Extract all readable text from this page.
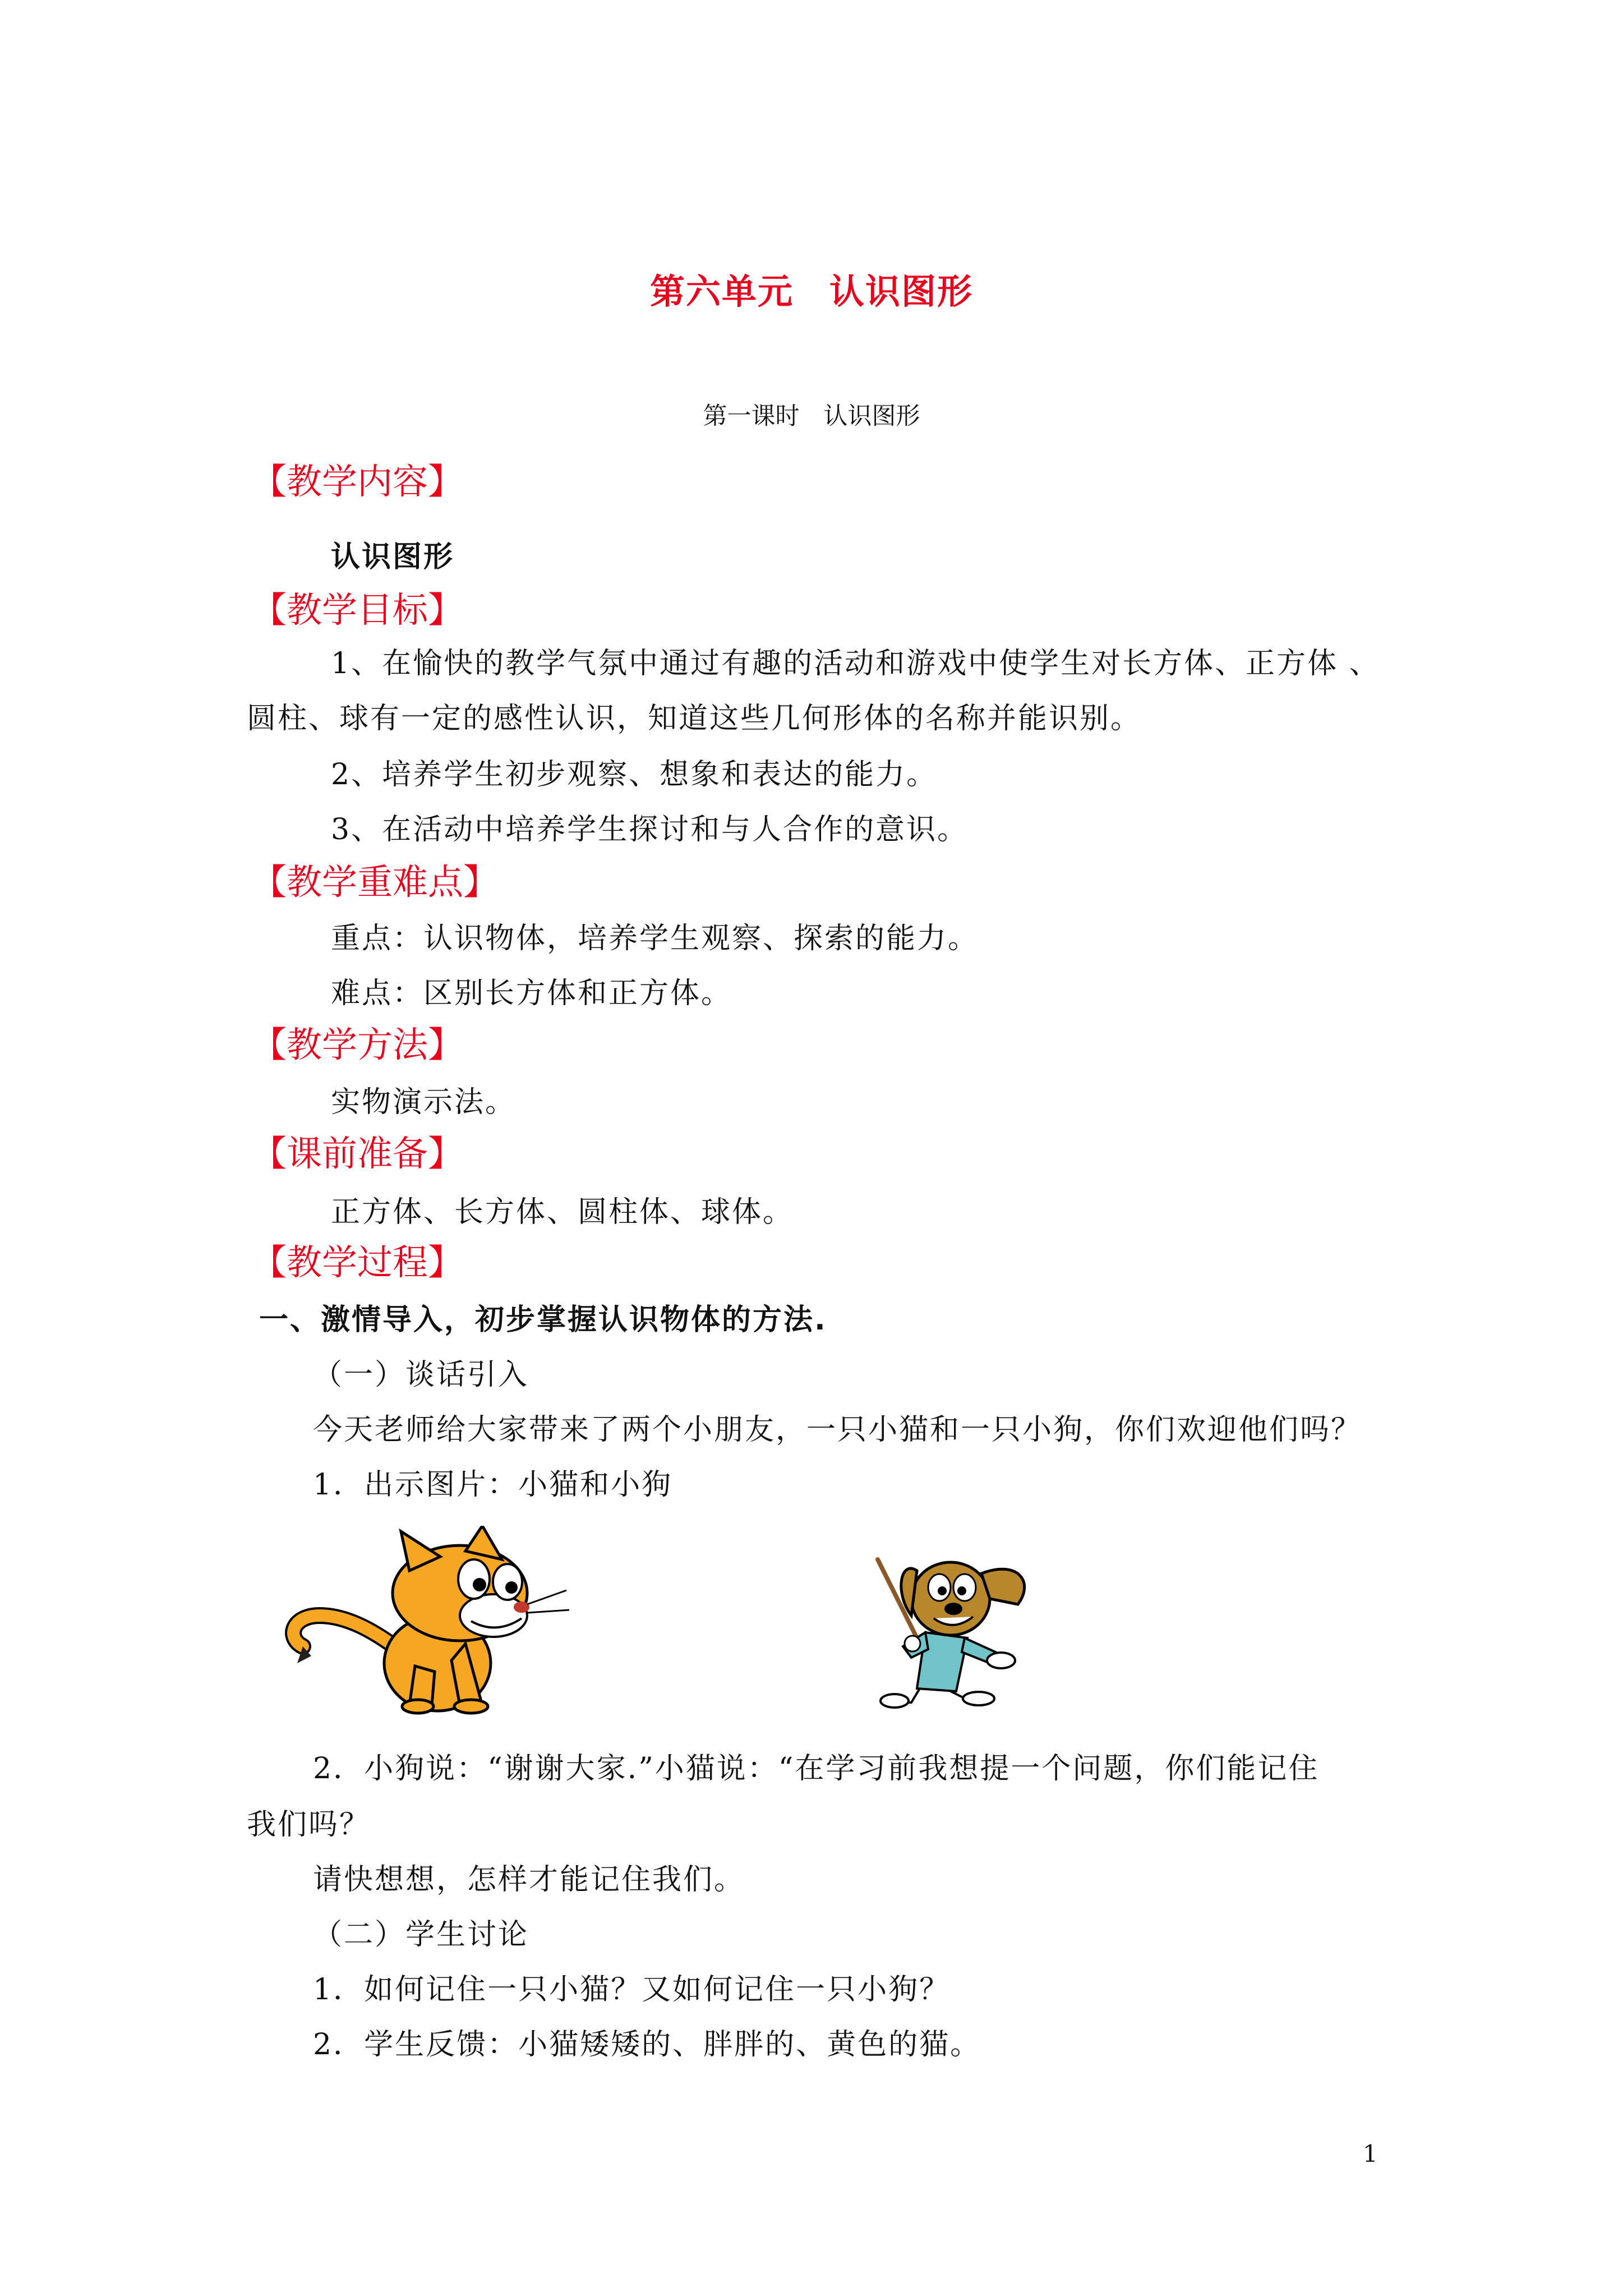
第六单元　认识图形
第一课时　认识图形
【教学内容】
认识图形
【教学目标】
1、在愉快的教学气氛中通过有趣的活动和游戏中使学生对长方体、正方体 、
圆柱、球有一定的感性认识，知道这些几何形体的名称并能识别。
2、培养学生初步观察、想象和表达的能力。
3、在活动中培养学生探讨和与人合作的意识。
【教学重难点】
重点：认识物体，培养学生观察、探索的能力。
难点：区别长方体和正方体。
【教学方法】
实物演示法。
【课前准备】
正方体、长方体、圆柱体、球体。
【教学过程】
一、激情导入，初步掌握认识物体的方法.
（一）谈话引入
今天老师给大家带来了两个小朋友，一只小猫和一只小狗，你们欢迎他们吗？
1．出示图片：小猫和小狗
2．小狗说：“谢谢大家.”小猫说：“在学习前我想提一个问题，你们能记住
我们吗？
请快想想，怎样才能记住我们。
（二）学生讨论
1．如何记住一只小猫？又如何记住一只小狗？
2．学生反馈：小猫矮矮的、胖胖的、黄色的猫。
1
